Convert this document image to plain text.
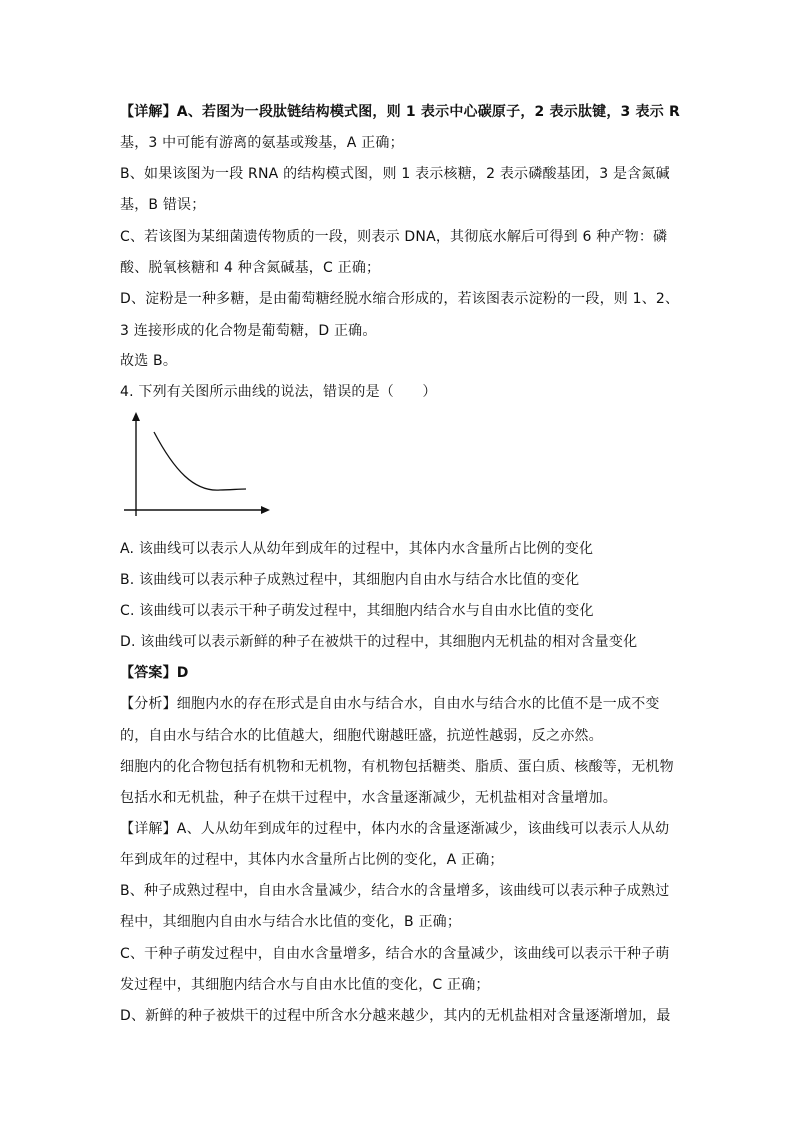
【详解】A、若图为一段肽链结构模式图，则 1 表示中心碳原子，2 表示肽键，3 表示 R
基，3 中可能有游离的氨基或羧基，A 正确；
B、如果该图为一段 RNA 的结构模式图，则 1 表示核糖，2 表示磷酸基团，3 是含氮碱
基，B 错误；
C、若该图为某细菌遗传物质的一段，则表示 DNA，其彻底水解后可得到 6 种产物：磷
酸、脱氧核糖和 4 种含氮碱基，C 正确；
D、淀粉是一种多糖，是由葡萄糖经脱水缩合形成的，若该图表示淀粉的一段，则 1、2、
3 连接形成的化合物是葡萄糖，D 正确。
故选 B。
4. 下列有关图所示曲线的说法，错误的是（　　）
A. 该曲线可以表示人从幼年到成年的过程中，其体内水含量所占比例的变化
B. 该曲线可以表示种子成熟过程中，其细胞内自由水与结合水比值的变化
C. 该曲线可以表示干种子萌发过程中，其细胞内结合水与自由水比值的变化
D. 该曲线可以表示新鲜的种子在被烘干的过程中，其细胞内无机盐的相对含量变化
【答案】D
【分析】细胞内水的存在形式是自由水与结合水，自由水与结合水的比值不是一成不变
的，自由水与结合水的比值越大，细胞代谢越旺盛，抗逆性越弱，反之亦然。
细胞内的化合物包括有机物和无机物，有机物包括糖类、脂质、蛋白质、核酸等，无机物
包括水和无机盐，种子在烘干过程中，水含量逐渐减少，无机盐相对含量增加。
【详解】A、人从幼年到成年的过程中，体内水的含量逐渐减少，该曲线可以表示人从幼
年到成年的过程中，其体内水含量所占比例的变化，A 正确；
B、种子成熟过程中，自由水含量减少，结合水的含量增多，该曲线可以表示种子成熟过
程中，其细胞内自由水与结合水比值的变化，B 正确；
C、干种子萌发过程中，自由水含量增多，结合水的含量减少，该曲线可以表示干种子萌
发过程中，其细胞内结合水与自由水比值的变化，C 正确；
D、新鲜的种子被烘干的过程中所含水分越来越少，其内的无机盐相对含量逐渐增加，最
